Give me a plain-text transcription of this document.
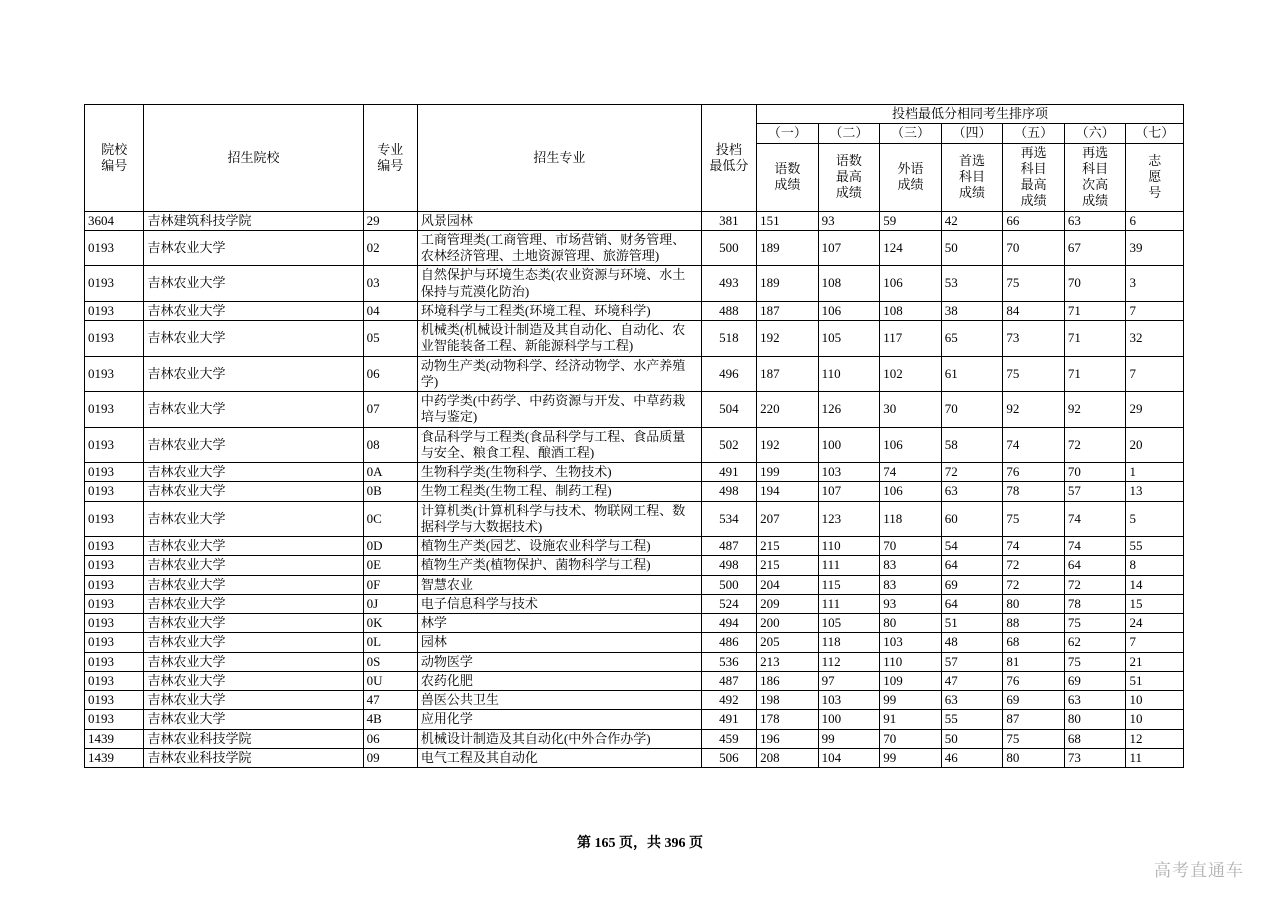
院校
编号
	招生院校	
专业
编号
	招生专业	
投档
最低分
	投档最低分相同考生排序项
					（一）	（二）	（三）	（四）	（五）	（六）	（七）

语数
成绩

语数
最高
成绩

外语
成绩

首选
科目
成绩

再选
科目
最高
成绩

再选
科目
次高
成绩

志
愿
号

3604	吉林建筑科技学院	29	风景园林	381	151	93	59	42	66	63	6
0193	吉林农业大学	02	工商管理类(工商管理、市场营销、财务管理、农林经济管理、土地资源管理、旅游管理)	500	189	107	124	50	70	67	39
0193	吉林农业大学	03	自然保护与环境生态类(农业资源与环境、水土保持与荒漠化防治)	493	189	108	106	53	75	70	3
0193	吉林农业大学	04	环境科学与工程类(环境工程、环境科学)	488	187	106	108	38	84	71	7
0193	吉林农业大学	05	机械类(机械设计制造及其自动化、自动化、农业智能装备工程、新能源科学与工程)	518	192	105	117	65	73	71	32
0193	吉林农业大学	06	动物生产类(动物科学、经济动物学、水产养殖学)	496	187	110	102	61	75	71	7
0193	吉林农业大学	07	中药学类(中药学、中药资源与开发、中草药栽培与鉴定)	504	220	126	30	70	92	92	29
0193	吉林农业大学	08	食品科学与工程类(食品科学与工程、食品质量与安全、粮食工程、酿酒工程)	502	192	100	106	58	74	72	20
0193	吉林农业大学	0A	生物科学类(生物科学、生物技术)	491	199	103	74	72	76	70	1
0193	吉林农业大学	0B	生物工程类(生物工程、制药工程)	498	194	107	106	63	78	57	13
0193	吉林农业大学	0C	计算机类(计算机科学与技术、物联网工程、数据科学与大数据技术)	534	207	123	118	60	75	74	5
0193	吉林农业大学	0D	植物生产类(园艺、设施农业科学与工程)	487	215	110	70	54	74	74	55
0193	吉林农业大学	0E	植物生产类(植物保护、菌物科学与工程)	498	215	111	83	64	72	64	8
0193	吉林农业大学	0F	智慧农业	500	204	115	83	69	72	72	14
0193	吉林农业大学	0J	电子信息科学与技术	524	209	111	93	64	80	78	15
0193	吉林农业大学	0K	林学	494	200	105	80	51	88	75	24
0193	吉林农业大学	0L	园林	486	205	118	103	48	68	62	7
0193	吉林农业大学	0S	动物医学	536	213	112	110	57	81	75	21
0193	吉林农业大学	0U	农药化肥	487	186	97	109	47	76	69	51
0193	吉林农业大学	47	兽医公共卫生	492	198	103	99	63	69	63	10
0193	吉林农业大学	4B	应用化学	491	178	100	91	55	87	80	10
1439	吉林农业科技学院	06	机械设计制造及其自动化(中外合作办学)	459	196	99	70	50	75	68	12
1439	吉林农业科技学院	09	电气工程及其自动化	506	208	104	99	46	80	73	11
第 165 页，共 396 页
高考直通车
